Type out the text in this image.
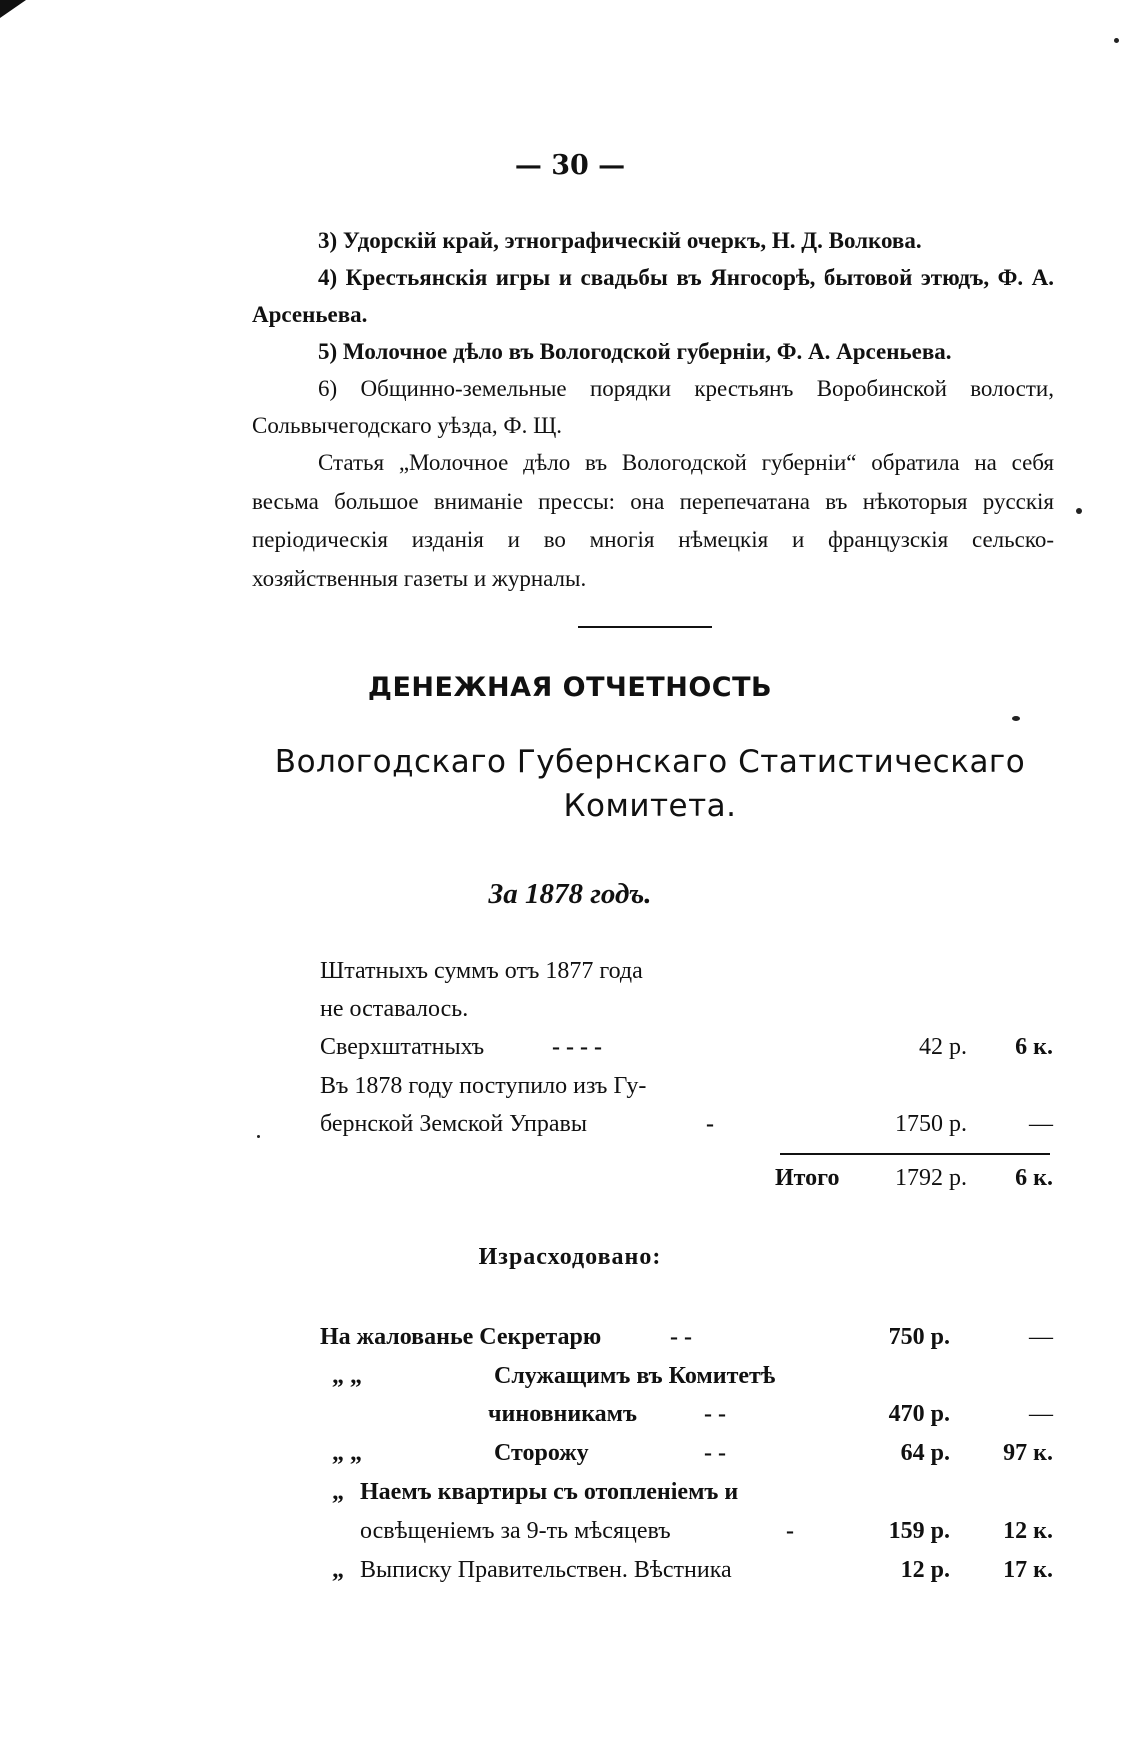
— 30 —
3) Удорскій край, этнографическій очеркъ, Н. Д. Волкова.
4) Крестьянскія игры и свадьбы въ Янгосорѣ, бытовой этюдъ, Ф. А. Арсеньева.
5) Молочное дѣло въ Вологодской губерніи, Ф. А. Арсеньева.
6) Общинно-земельные порядки крестьянъ Воробинской волости, Сольвычегодскаго уѣзда, Ф. Щ.
Статья „Молочное дѣло въ Вологодской губерніи“ обратила на себя весьма большое вниманіе прессы: она перепечатана въ нѣкоторыя русскія періодическія изданія и во многія нѣмецкія и французскія сельско-хозяйственныя газеты и журналы.
ДЕНЕЖНАЯ ОТЧЕТНОСТЬ
Вологодскаго Губернскаго Статистическаго
Комитета.
За 1878 годъ.
Штатныхъ суммъ отъ 1877 года
не оставалось.
Сверхштатныхъ	- - - -	42 р.	6 к.
Въ 1878 году поступило изъ Гу-
бернской Земской Управы	-	1750 р.	—
Итого	1792 р.	6 к.
Израсходовано:
На жалованье Секретарю	- -	750 р.	—
„ „	Служащимъ въ Комитетѣ
чиновникамъ	- -	470 р.	—
„ „	Сторожу	- -	64 р.	97 к.
„ Наемъ квартиры съ отопленіемъ и
освѣщеніемъ за 9-ть мѣсяцевъ	-	159 р.	12 к.
„ Выписку Правительствен. Вѣстника	12 р.	17 к.
